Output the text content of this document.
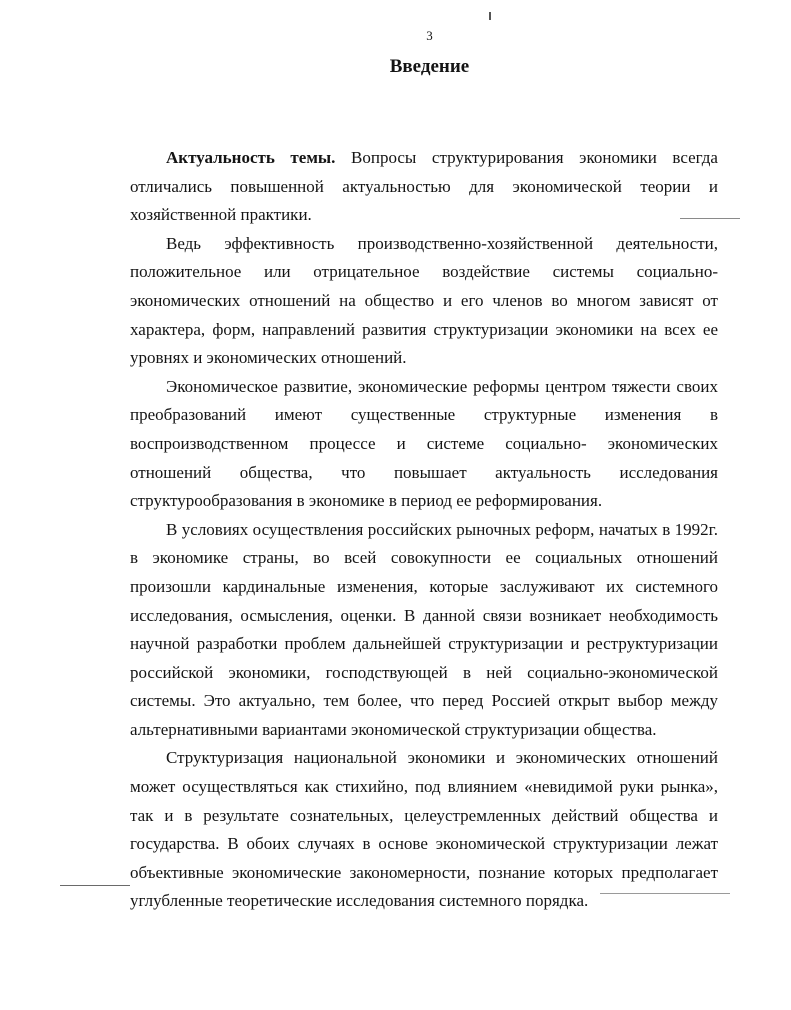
3
Введение

Актуальность темы. Вопросы структурирования экономики всегда отличались повышенной актуальностью для экономической теории и хозяйственной практики.

Ведь эффективность производственно-хозяйственной деятельности, положительное или отрицательное воздействие системы социально-экономических отношений на общество и его членов во многом зависят от характера, форм, направлений развития структуризации экономики на всех ее уровнях и экономических отношений.

Экономическое развитие, экономические реформы центром тяжести своих преобразований имеют существенные структурные изменения в воспроизводственном процессе и системе социально- экономических отношений общества, что повышает актуальность исследования структурообразования в экономике в период ее реформирования.

В условиях осуществления российских рыночных реформ, начатых в 1992г. в экономике страны, во всей совокупности ее социальных отношений произошли кардинальные изменения, которые заслуживают их системного исследования, осмысления, оценки. В данной связи возникает необходимость научной разработки проблем дальнейшей структуризации и реструктуризации российской экономики, господствующей в ней социально-экономической системы. Это актуально, тем более, что перед Россией открыт выбор между альтернативными вариантами экономической структуризации общества.

Структуризация национальной экономики и экономических отношений может осуществляться как стихийно, под влиянием «невидимой руки рынка», так и в результате сознательных, целеустремленных действий общества и государства. В обоих случаях в основе экономической структуризации лежат объективные экономические закономерности, познание которых предполагает углубленные теоретические исследования системного порядка.
